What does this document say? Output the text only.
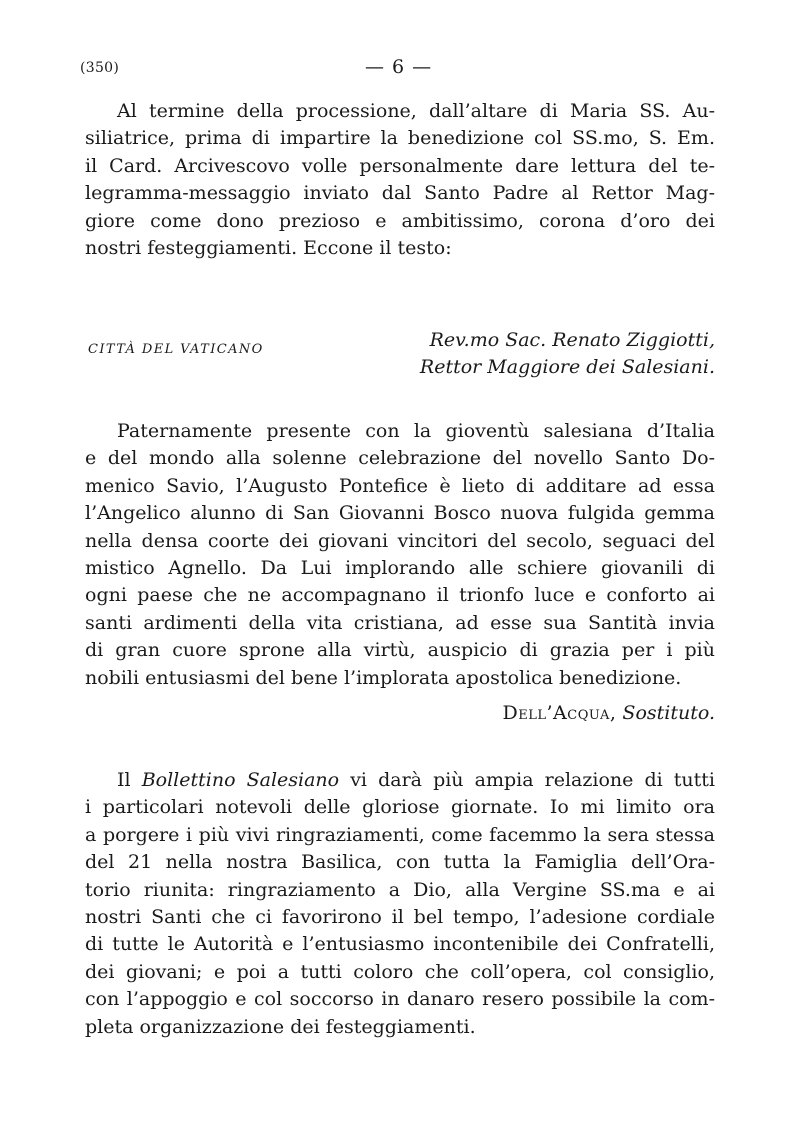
(350)	— 6 —
Al termine della processione, dall’altare di Maria SS. Au-
siliatrice, prima di impartire la benedizione col SS.mo, S. Em.
il Card. Arcivescovo volle personalmente dare lettura del te-
legramma-messaggio inviato dal Santo Padre al Rettor Mag-
giore come dono prezioso e ambitissimo, corona d’oro dei
nostri festeggiamenti. Eccone il testo:
CITTÀ DEL VATICANO	Rev.mo Sac. Renato Ziggiotti,
Rettor Maggiore dei Salesiani.
Paternamente presente con la gioventù salesiana d’Italia
e del mondo alla solenne celebrazione del novello Santo Do-
menico Savio, l’Augusto Pontefice è lieto di additare ad essa
l’Angelico alunno di San Giovanni Bosco nuova fulgida gemma
nella densa coorte dei giovani vincitori del secolo, seguaci del
mistico Agnello. Da Lui implorando alle schiere giovanili di
ogni paese che ne accompagnano il trionfo luce e conforto ai
santi ardimenti della vita cristiana, ad esse sua Santità invia
di gran cuore sprone alla virtù, auspicio di grazia per i più
nobili entusiasmi del bene l’implorata apostolica benedizione.
Dell’Acqua, Sostituto.
Il Bollettino Salesiano vi darà più ampia relazione di tutti
i particolari notevoli delle gloriose giornate. Io mi limito ora
a porgere i più vivi ringraziamenti, come facemmo la sera stessa
del 21 nella nostra Basilica, con tutta la Famiglia dell’Ora-
torio riunita: ringraziamento a Dio, alla Vergine SS.ma e ai
nostri Santi che ci favorirono il bel tempo, l’adesione cordiale
di tutte le Autorità e l’entusiasmo incontenibile dei Confratelli,
dei giovani; e poi a tutti coloro che coll’opera, col consiglio,
con l’appoggio e col soccorso in danaro resero possibile la com-
pleta organizzazione dei festeggiamenti.
